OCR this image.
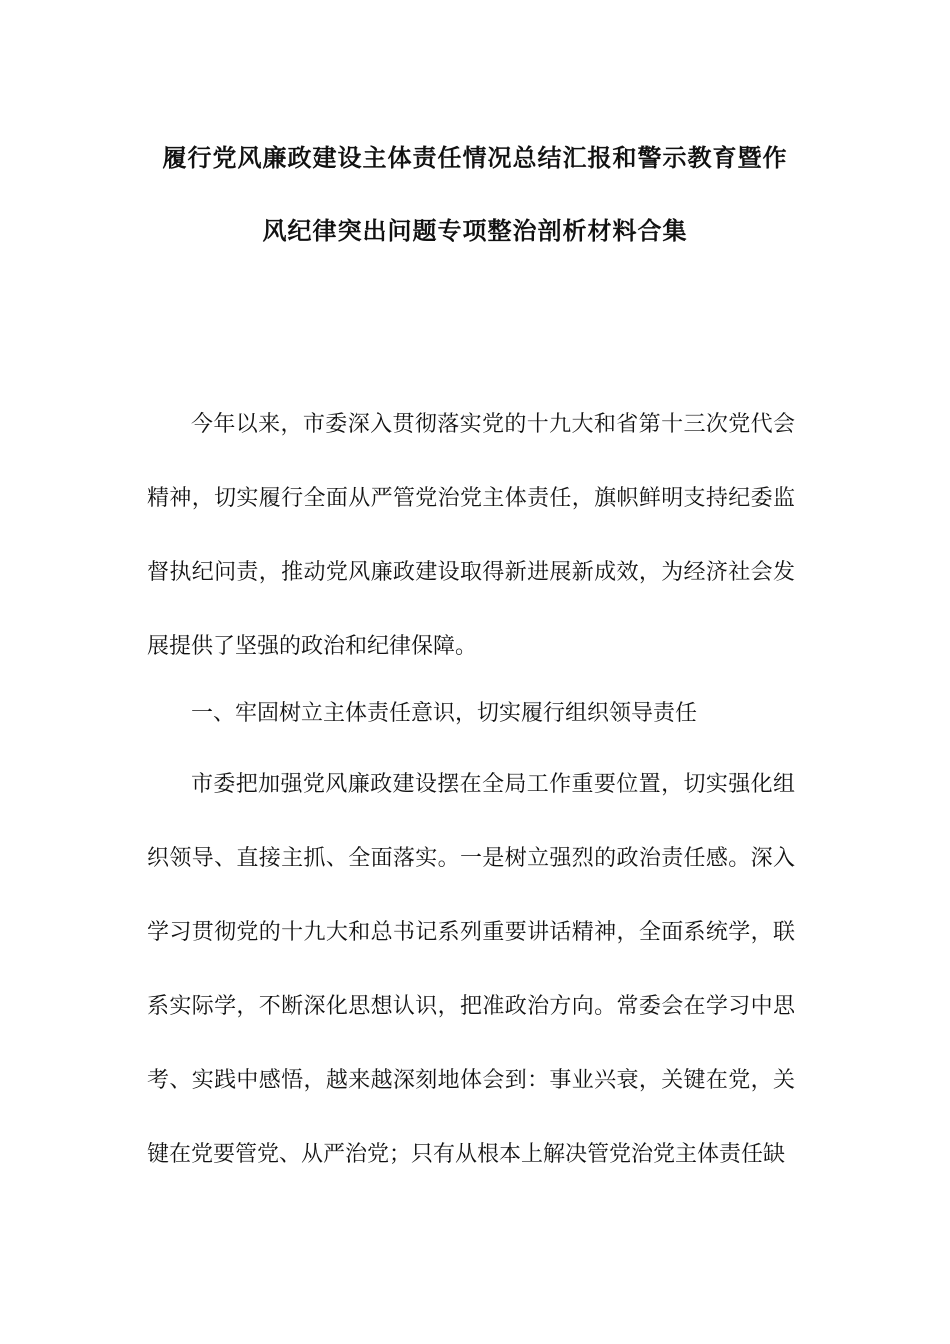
履行党风廉政建设主体责任情况总结汇报和警示教育暨作
风纪律突出问题专项整治剖析材料合集

今年以来，市委深入贯彻落实党的十九大和省第十三次党代会精神，切实履行全面从严管党治党主体责任，旗帜鲜明支持纪委监督执纪问责，推动党风廉政建设取得新进展新成效，为经济社会发展提供了坚强的政治和纪律保障。

一、牢固树立主体责任意识，切实履行组织领导责任

市委把加强党风廉政建设摆在全局工作重要位置，切实强化组织领导、直接主抓、全面落实。一是树立强烈的政治责任感。深入学习贯彻党的十九大和总书记系列重要讲话精神，全面系统学，联系实际学，不断深化思想认识，把准政治方向。常委会在学习中思考、实践中感悟，越来越深刻地体会到：事业兴衰，关键在党，关键在党要管党、从严治党；只有从根本上解决管党治党主体责任缺
